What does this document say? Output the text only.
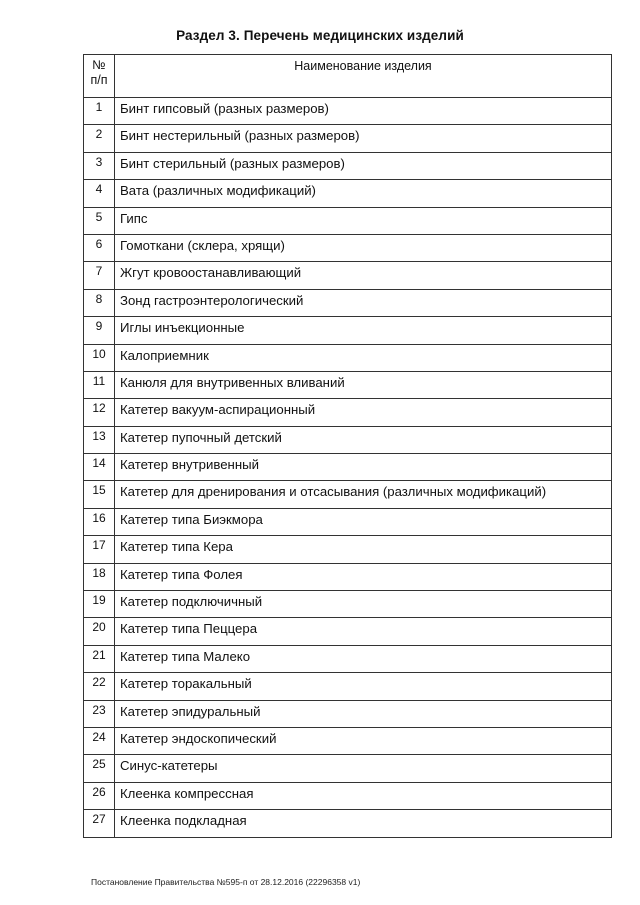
Раздел 3. Перечень медицинских изделий
№
п/п	Наименование изделия
1	Бинт гипсовый (разных размеров)
2	Бинт нестерильный (разных размеров)
3	Бинт стерильный (разных размеров)
4	Вата (различных модификаций)
5	Гипс
6	Гомоткани (склера, хрящи)
7	Жгут кровоостанавливающий
8	Зонд гастроэнтерологический
9	Иглы инъекционные
10	Калоприемник
11	Канюля для внутривенных вливаний
12	Катетер вакуум-аспирационный
13	Катетер пупочный детский
14	Катетер внутривенный
15	Катетер для дренирования и отсасывания (различных модификаций)
16	Катетер типа Биэкмора
17	Катетер типа Кера
18	Катетер типа Фолея
19	Катетер подключичный
20	Катетер типа Пеццера
21	Катетер типа Малеко
22	Катетер торакальный
23	Катетер эпидуральный
24	Катетер эндоскопический
25	Синус-катетеры
26	Клеенка компрессная
27	Клеенка подкладная
Постановление Правительства №595-п от 28.12.2016 (22296358 v1)
